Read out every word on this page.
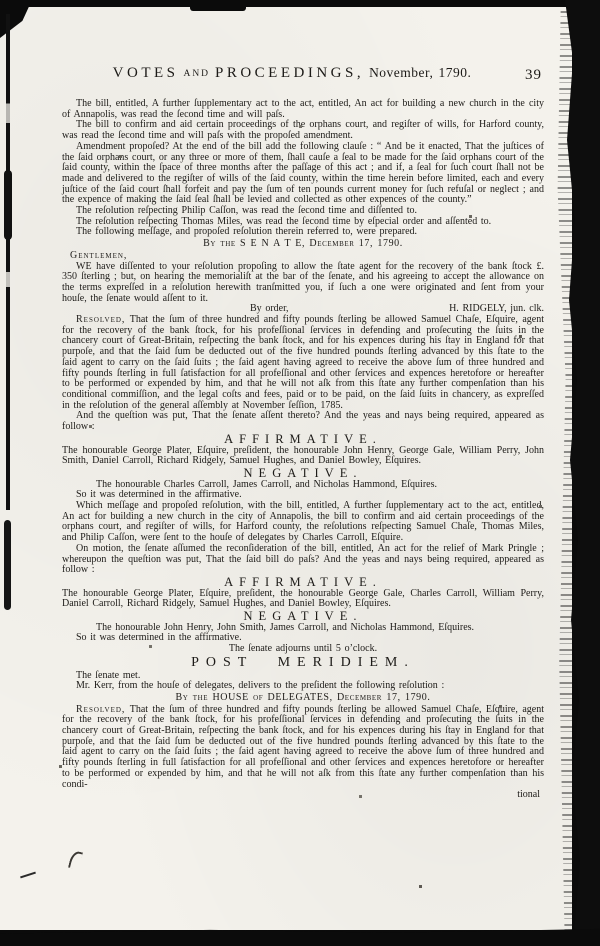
VOTES AND PROCEEDINGS, November, 1790.	39

The bill, entitled, A further ſupplementary act to the act, entitled, An act for building a new church in the city of Annapolis, was read the ſecond time and will paſs.

The bill to confirm and aid certain proceedings of the orphans court, and regiſter of wills, for Harford county, was read the ſecond time and will paſs with the propoſed amendment.

Amendment propoſed? At the end of the bill add the following clauſe : “ And be it enacted, That the juſtices of the ſaid orphans court, or any three or more of them, ſhall cauſe a ſeal to be made for the ſaid orphans court of the ſaid county, within the ſpace of three months after the paſſage of this act ; and if, a ſeal for ſuch court ſhall not be made and delivered to the regiſter of wills of the ſaid county, within the time herein before limited, each and every juſtice of the ſaid court ſhall forfeit and pay the ſum of ten pounds current money for ſuch refuſal or neglect ; and the expence of making the ſaid ſeal ſhall be levied and collected as other expences of the county.”

The reſolution reſpecting Philip Caſſon, was read the ſecond time and diſſented to.

The reſolution reſpecting Thomas Miles, was read the ſecond time by eſpecial order and aſſented to.

The following meſſage, and propoſed reſolution therein referred to, were prepared.

By the S E N A T E, December 17, 1790.

Gentlemen,

WE have diſſented to your reſolution propoſing to allow the ſtate agent for the recovery of the bank ſtock £. 350 ſterling ; but, on hearing the memorialiſt at the bar of the ſenate, and his agreeing to accept the allowance on the terms expreſſed in a reſolution herewith tranſmitted you, if ſuch a one were originated and ſent from your houſe, the ſenate would aſſent to it.

By order,	H. RIDGELY, jun. clk.

Resolved, That the ſum of three hundred and fifty pounds ſterling be allowed Samuel Chaſe, Eſquire, agent for the recovery of the bank ſtock, for his profeſſional ſervices in defending and proſecuting the ſuits in the chancery court of Great-Britain, reſpecting the bank ſtock, and for his expences during his ſtay in England for that purpoſe, and that the ſaid ſum be deducted out of the five hundred pounds ſterling advanced by this ſtate to the ſaid agent to carry on the ſaid ſuits ; the ſaid agent having agreed to receive the above ſum of three hundred and fifty pounds ſterling in full ſatisfaction for all profeſſional and other ſervices and expences heretofore or hereafter to be performed or expended by him, and that he will not aſk from this ſtate any further compenſation than his conditional commiſſion, and the legal coſts and fees, paid or to be paid, on the ſaid ſuits in chancery, as expreſſed in the reſolution of the general aſſembly at November ſeſſion, 1785.

And the queſtion was put, That the ſenate aſſent thereto? And the yeas and nays being required, appeared as follow :

AFFIRMATIVE.

The honourable George Plater, Eſquire, preſident, the honourable John Henry, George Gale, William Perry, John Smith, Daniel Carroll, Richard Ridgely, Samuel Hughes, and Daniel Bowley, Eſquires.

NEGATIVE.

The honourable Charles Carroll, James Carroll, and Nicholas Hammond, Eſquires.

So it was determined in the affirmative.

Which meſſage and propoſed reſolution, with the bill, entitled, A further ſupplementary act to the act, entitled, An act for building a new church in the city of Annapolis, the bill to confirm and aid certain proceedings of the orphans court, and regiſter of wills, for Harford county, the reſolutions reſpecting Samuel Chaſe, Thomas Miles, and Philip Caſſon, were ſent to the houſe of delegates by Charles Carroll, Eſquire.

On motion, the ſenate aſſumed the reconſideration of the bill, entitled, An act for the relief of Mark Pringle ; whereupon the queſtion was put, That the ſaid bill do paſs? And the yeas and nays being required, appeared as follow :

AFFIRMATIVE.

The honourable George Plater, Eſquire, preſident, the honourable George Gale, Charles Carroll, William Perry, Daniel Carroll, Richard Ridgely, Samuel Hughes, and Daniel Bowley, Eſquires.

NEGATIVE.

The honourable John Henry, John Smith, James Carroll, and Nicholas Hammond, Eſquires.

So it was determined in the affirmative.

The ſenate adjourns until 5 o’clock.

POST MERIDIEM.

The ſenate met.

Mr. Kerr, from the houſe of delegates, delivers to the preſident the following reſolution :

By the HOUSE of DELEGATES, December 17, 1790.

Resolved, That the ſum of three hundred and fifty pounds ſterling be allowed Samuel Chaſe, Eſquire, agent for the recovery of the bank ſtock, for his profeſſional ſervices in defending and proſecuting the ſuits in the chancery court of Great-Britain, reſpecting the bank ſtock, and for his expences during his ſtay in England for that purpoſe, and that the ſaid ſum be deducted out of the five hundred pounds ſterling advanced by this ſtate to the ſaid agent to carry on the ſaid ſuits ; the ſaid agent having agreed to receive the above ſum of three hundred and fifty pounds ſterling in full ſatisfaction for all profeſſional and other ſervices and expences heretofore or hereafter to be performed or expended by him, and that he will not aſk from this ſtate any further compenſation than his condi-

tional
